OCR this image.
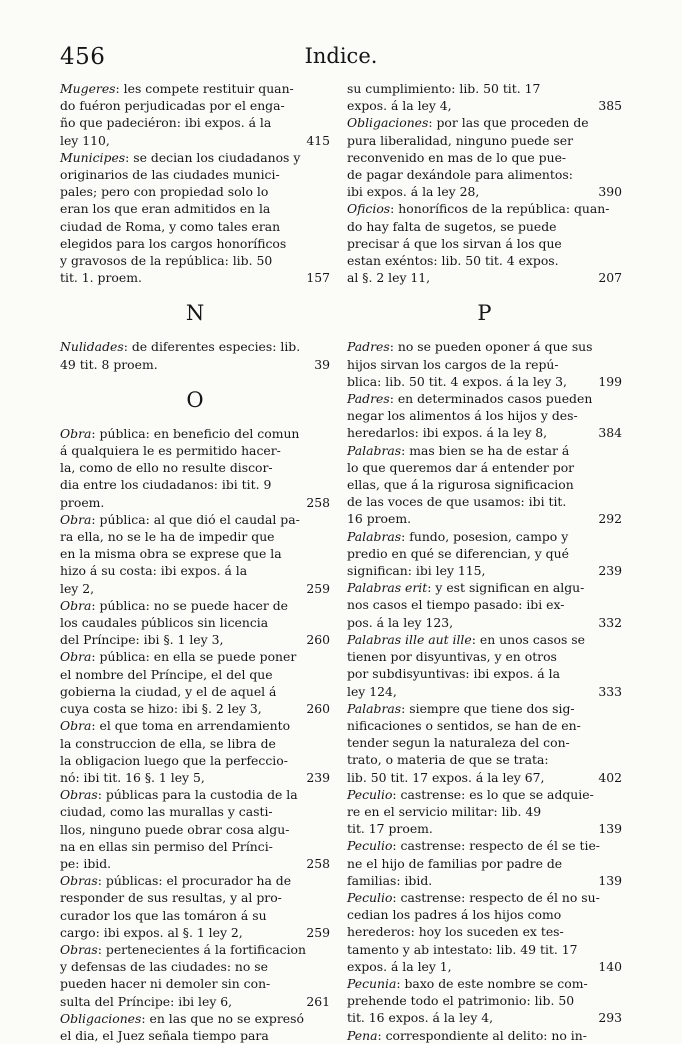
456	Indice.

Mugeres: les compete restituir quan-
do fuéron perjudicadas por el enga-
ño que padeciéron: ibi expos. á la
415
ley 110,

Municipes: se decian los ciudadanos y
originarios de las ciudades munici-
pales; pero con propiedad solo lo
eran los que eran admitidos en la
ciudad de Roma, y como tales eran
elegidos para los cargos honoríficos
y gravosos de la república: lib. 50
157
tit. 1. proem.

N

Nulidades: de diferentes especies: lib.
39
49 tit. 8 proem.

O

Obra: pública: en beneficio del comun
á qualquiera le es permitido hacer-
la, como de ello no resulte discor-
dia entre los ciudadanos: ibi tit. 9
258
proem.

Obra: pública: al que dió el caudal pa-
ra ella, no se le ha de impedir que
en la misma obra se exprese que la
hizo á su costa: ibi expos. á la
259
ley 2,

Obra: pública: no se puede hacer de
los caudales públicos sin licencia
260
del Príncipe: ibi §. 1 ley 3,

Obra: pública: en ella se puede poner
el nombre del Príncipe, el del que
gobierna la ciudad, y el de aquel á
260
cuya costa se hizo: ibi §. 2 ley 3,

Obra: el que toma en arrendamiento
la construccion de ella, se libra de
la obligacion luego que la perfeccio-
239
nó: ibi tit. 16 §. 1 ley 5,

Obras: públicas para la custodia de la
ciudad, como las murallas y casti-
llos, ninguno puede obrar cosa algu-
na en ellas sin permiso del Prínci-
258
pe: ibid.

Obras: públicas: el procurador ha de
responder de sus resultas, y al pro-
curador los que las tomáron á su
259
cargo: ibi expos. al §. 1 ley 2,

Obras: pertenecientes á la fortificacion
y defensas de las ciudades: no se
pueden hacer ni demoler sin con-
261
sulta del Príncipe: ibi ley 6,

Obligaciones: en las que no se expresó
el dia, el Juez señala tiempo para

su cumplimiento: lib. 50 tit. 17
385
expos. á la ley 4,

Obligaciones: por las que proceden de
pura liberalidad, ninguno puede ser
reconvenido en mas de lo que pue-
de pagar dexándole para alimentos:
390
ibi expos. á la ley 28,

Oficios: honoríficos de la república: quan-
do hay falta de sugetos, se puede
precisar á que los sirvan á los que
estan exéntos: lib. 50 tit. 4 expos.
207
al §. 2 ley 11,

P

Padres: no se pueden oponer á que sus
hijos sirvan los cargos de la repú-
199
blica: lib. 50 tit. 4 expos. á la ley 3,

Padres: en determinados casos pueden
negar los alimentos á los hijos y des-
384
heredarlos: ibi expos. á la ley 8,

Palabras: mas bien se ha de estar á
lo que queremos dar á entender por
ellas, que á la rigurosa significacion
de las voces de que usamos: ibi tit.
292
16 proem.

Palabras: fundo, posesion, campo y
predio en qué se diferencian, y qué
239
significan: ibi ley 115,

Palabras erit: y est significan en algu-
nos casos el tiempo pasado: ibi ex-
332
pos. á la ley 123,

Palabras ille aut ille: en unos casos se
tienen por disyuntivas, y en otros
por subdisyuntivas: ibi expos. á la
333
ley 124,

Palabras: siempre que tiene dos sig-
nificaciones o sentidos, se han de en-
tender segun la naturaleza del con-
trato, o materia de que se trata:
402
lib. 50 tit. 17 expos. á la ley 67,

Peculio: castrense: es lo que se adquie-
re en el servicio militar: lib. 49
139
tit. 17 proem.

Peculio: castrense: respecto de él se tie-
ne el hijo de familias por padre de
139
familias: ibid.

Peculio: castrense: respecto de él no su-
cedian los padres á los hijos como
herederos: hoy los suceden ex tes-
tamento y ab intestato: lib. 49 tit. 17
140
expos. á la ley 1,

Pecunia: baxo de este nombre se com-
prehende todo el patrimonio: lib. 50
293
tit. 16 expos. á la ley 4,

Pena: correspondiente al delito: no in-
